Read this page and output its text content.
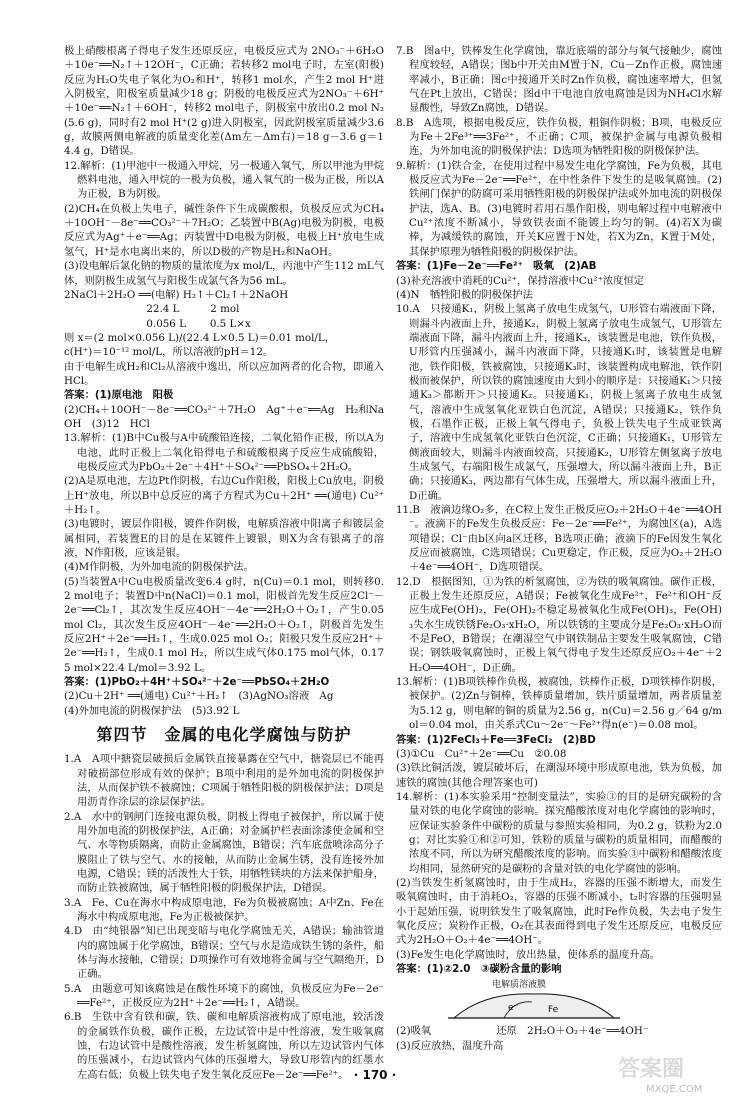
极上硝酸根离子得电子发生还原反应，电极反应式为 2NO₃⁻＋6H₂O＋10e⁻══N₂↑＋12OH⁻，C正确；若转移2 mol电子时，左室(阳极)反应为H₂O失电子氧化为O₂和H⁺，转移1 mol水，产生2 mol H⁺进入阴极室，阳极室质量减少18 g；阴极的电极反应式为2NO₃⁻＋6H⁺＋10e⁻══N₂↑＋6OH⁻，转移2 mol电子，阴极室中放出0.2 mol N₂(5.6 g)，同时有2 mol H⁺(2 g)进入阴极室，因此阴极室质量减少3.6 g，故膜两侧电解液的质量变化差(Δm左－Δm右)＝18 g－3.6 g＝14.4 g，D错误。

12.解析：(1)甲池中一极通入甲烷，另一极通入氧气，所以甲池为甲烷燃料电池，通入甲烷的一极为负极，通入氧气的一极为正极，所以A为正极，B为阴极。

(2)CH₄在负极上失电子，碱性条件下生成碳酸根，负极反应式为CH₄＋10OH⁻－8e⁻══CO₃²⁻＋7H₂O；乙装置中B(Ag)电极为阴极，电极反应式为Ag⁺＋e⁻══Ag；丙装置中D电极为阴极，电极上H⁺放电生成氢气，H⁺是水电离出来的，所以D极的产物是H₂和NaOH。

(3)设电解后氯化钠的物质的量浓度为x mol/L，丙池中产生112 mL气体，则阴极生成氢气与阳极生成氯气各为56 mL。

2NaCl＋2H₂O ══(电解) H₂↑＋Cl₂↑＋2NaOH

　　　　　　　　22.4 L　　　2 mol

　　　　　　　　0.056 L　　 0.5 L×x

则 x＝(2 mol×0.056 L)/(22.4 L×0.5 L)＝0.01 mol/L，

c(H⁺)＝10⁻¹² mol/L，所以溶液的pH＝12。

由于电解生成H₂和Cl₂从溶液中逸出，所以应加两者的化合物，即通入HCl。

答案：(1)原电池　阳极

(2)CH₄＋10OH⁻－8e⁻══CO₃²⁻＋7H₂O　Ag⁺＋e⁻══Ag　H₂和NaOH　(3)12　HCl

13.解析：(1)B中Cu极与A中硫酸铅连接，二氧化铅作正极，所以A为电池，此时正极上二氧化铅得电子和硫酸根离子反应生成硫酸铅，电极反应式为PbO₂＋2e⁻＋4H⁺＋SO₄²⁻══PbSO₄＋2H₂O。

(2)A是原电池，左边Pt作阴极，右边Cu作阳极，阳极上Cu放电，阴极上H⁺放电，所以B中总反应的离子方程式为Cu＋2H⁺ ══(通电) Cu²⁺＋H₂↑。

(3)电镀时，镀层作阳极，镀件作阴极，电解质溶液中阳离子和镀层金属相同，若装置E的目的是在某镀件上镀银，则X为含有银离子的溶液，N作阳极，应该是银。

(4)M作阴极，为外加电流的阴极保护法。

(5)当装置A中Cu电极质量改变6.4 g时，n(Cu)＝0.1 mol，则转移0.2 mol电子；装置D中n(NaCl)＝0.1 mol，阳极首先发生反应2Cl⁻－2e⁻══Cl₂↑，其次发生反应4OH⁻－4e⁻══2H₂O＋O₂↑，产生0.05 mol Cl₂，其次发生反应4OH⁻－4e⁻══2H₂O＋O₂↑，阴极首先发生反应2H⁺＋2e⁻══H₂↑，生成0.025 mol O₂；阳极只发生反应2H⁺＋2e⁻══H₂↑，生成0.1 mol H₂，所以生成气体0.175 mol气体，0.175 mol×22.4 L/mol＝3.92 L。

答案：(1)PbO₂＋4H⁺＋SO₄²⁻＋2e⁻══PbSO₄＋2H₂O

(2)Cu＋2H⁺ ══(通电) Cu²⁺＋H₂↑　(3)AgNO₃溶液　Ag

(4)外加电流的阴极保护法　(5)3.92 L

第四节　金属的电化学腐蚀与防护

1.A　A项中搪瓷层破损后金属铁直接暴露在空气中，搪瓷层已不能再对破损部位形成有效的保护；B项中利用的是外加电流的阴极保护法，从而保护铁不被腐蚀；C项属于牺牲阳极的阴极保护法；D项是用沥青作涂层的涂层保护法。

2.A　水中的钢闸门连接电源负极，阴极上得电子被保护，所以属于使用外加电流的阴极保护法，A正确；对金属护栏表面涂漆使金属和空气、水等物质隔离，而防止金属腐蚀，B错误；汽车底盘喷涂高分子膜阻止了铁与空气、水的接触，从而防止金属生锈，没有连接外加电源，C错误；镁的活泼性大于铁，用牺牲镁块的方法来保护船身，而防止铁被腐蚀，属于牺牲阳极的阴极保护法，D错误。

3.A　Fe、Cu在海水中构成原电池，Fe为负极被腐蚀；A中Zn、Fe在海水中构成原电池，Fe为正极被保护。

4.D　由“纯银器”知已出现变暗与电化学腐蚀无关，A错误；输油管道内的腐蚀属于化学腐蚀，B错误；空气与水是造成铁生锈的条件，船体与海水接触，C错误；D项操作可有效地将金属与空气隔绝开，D正确。

5.A　由题意可知该腐蚀是在酸性环境下的腐蚀，负极反应为Fe－2e⁻══Fe²⁺，正极反应为2H⁺＋2e⁻══H₂↑，A错误。

6.B　生铁中含有铁和碳，铁、碳和电解质溶液构成了原电池，较活泼的金属铁作负极，碳作正极，左边试管中是中性溶液，发生吸氧腐蚀，右边试管中是酸性溶液，发生析氢腐蚀，所以左边试管内气体的压强减小，右边试管内气体的压强增大，导致U形管内的红墨水左高右低；负极上铁失电子发生氧化反应Fe－2e⁻══Fe²⁺。

7.B　图a中，铁棒发生化学腐蚀，靠近底端的部分与氧气接触少，腐蚀程度较轻，A错误；图b中开关由M置于N，Cu－Zn作正极，腐蚀速率减小，B正确；图c中接通开关时Zn作负极，腐蚀速率增大，但氢气在Pt上放出，C错误；图d中干电池自放电腐蚀是因为NH₄Cl水解显酸性，导致Zn腐蚀，D错误。

8.B　A选项，根据电极反应，铁作负极，粗铜作阴极；B项，电极反应为Fe＋2Fe³⁺══3Fe²⁺，不正确；C项，被保护金属与电源负极相连，为外加电流的阴极保护法；D选项为牺牲阳极的阴极保护法。

9.解析：(1)铁合金，在使用过程中易发生电化学腐蚀，Fe为负极，其电极反应式为Fe－2e⁻══Fe²⁺，在中性条件下发生的是吸氧腐蚀。(2)铁闸门保护的防腐可采用牺牲阳极的阴极保护法或外加电流的阴极保护法，选A、B。(3)电镀时若用石墨作阳极，则电解过程中电解液中Cu²⁺浓度不断减小，导致铁表面不能镀上均匀的铜。(4)若X为碳棒，为减缓铁的腐蚀，开关K应置于N处，若X为Zn，K置于M处，其保护原理为牺牲阳极的阴极保护法。

答案：(1)Fe－2e⁻══Fe²⁺　吸氧　(2)AB

(3)补充溶液中消耗的Cu²⁺，保持溶液中Cu²⁺浓度恒定

(4)N　牺牲阳极的阴极保护法

10.A　只接通K₁，阴极上氢离子放电生成氢气，U形管右端液面下降，则漏斗内液面上升，接通K₂，阴极上氢离子放电生成氢气，U形管左端液面下降，漏斗内液面上升，接通K₃，该装置是电池，铁作负极，U形管内压强减小，漏斗内液面下降，只接通K₁时，该装置是电解池，铁作阳极，铁被腐蚀，只接通K₃时，该装置构成电解池，铁作阴极而被保护，所以铁的腐蚀速度由大到小的顺序是：只接通K₁＞只接通K₃＞都断开＞只接通K₂。只接通K₁，阴极上氢离子放电生成氢气，溶液中生成氢氧化亚铁白色沉淀，A错误；只接通K₂，铁作负极，石墨作正极，正极上氧气得电子，负极上铁失电子生成亚铁离子，溶液中生成氢氧化亚铁白色沉淀，C正确；只接通K₁，U形管左侧液面较大，则漏斗内液面较高，只接通K₂，U形管左侧氢离子放电生成氢气，右端阳极生成氯气，压强增大，所以漏斗液面上升，B正确；只接通K₃，两边都有气体生成，压强增大，所以漏斗液面上升，D正确。

11.B　液滴边缘O₂多，在C粒上发生正极反应O₂＋2H₂O＋4e⁻══4OH⁻。液滴下的Fe发生负极反应：Fe－2e⁻══Fe²⁺，为腐蚀区(a)，A选项错误；Cl⁻由b区向a区迁移，B选项正确；液滴下的Fe因发生氧化反应而被腐蚀，C选项错误；Cu更稳定，作正极，反应为O₂＋2H₂O＋4e⁻══4OH⁻，D选项错误。

12.D　根据图知，①为铁的析氢腐蚀，②为铁的吸氧腐蚀。碳作正极，正极上发生还原反应，A错误；Fe被氧化生成Fe²⁺，Fe²⁺和OH⁻反应生成Fe(OH)₂，Fe(OH)₂不稳定易被氧化生成Fe(OH)₃，Fe(OH)₃失水生成铁锈Fe₂O₃·xH₂O，所以铁锈的主要成分是Fe₂O₃·xH₂O而不是FeO，B错误；在潮湿空气中钢铁制品主要发生吸氧腐蚀，C错误；钢铁吸氧腐蚀时，正极上氧气得电子发生还原反应O₂＋4e⁻＋2H₂O══4OH⁻，D正确。

13.解析：(1)B项铁棒作负极，被腐蚀，铁棒作正极，D项铁棒作阴极，被保护。(2)Zn与铜棒，铁棒质量增加，铁片质量增加，两者质量差为5.12 g，则电解的铜的质量为2.56 g，n(Cu)＝2.56 g／64 g/mol＝0.04 mol，由关系式Cu～2e⁻～Fe²⁺得n(e⁻)＝0.08 mol。

答案：(1)2FeCl₃＋Fe══3FeCl₂　(2)BD

(3)①Cu　Cu²⁺＋2e⁻══Cu　②0.08

(3)铁比铜活泼，镀层破坏后，在潮湿环境中形成原电池，铁为负极，加速铁的腐蚀(其他合理答案也可)

14.解析：(1)本实验采用“控制变量法”，实验③的目的是研究碳粉的含量对铁的电化学腐蚀的影响。探究醋酸浓度对电化学腐蚀的影响时，应保证实验条件中碳粉的质量与参照实验相同，为0.2 g，铁粉为2.0 g；对比实验①和②可知，铁粉的质量与碳粉的质量相同，而醋酸的浓度不同，所以为研究醋酸浓度的影响。而实验③中碳粉和醋酸浓度均相同，显然研究的是碳粉的含量对铁的电化学腐蚀的影响。

(2)当铁发生析氢腐蚀时，由于生成H₂，容器的压强不断增大，而发生吸氧腐蚀时，由于消耗O₂，容器的压强不断减小，t₂时容器的压强明显小于起始压强，说明铁发生了吸氧腐蚀，此时Fe作负极，失去电子发生氧化反应；炭粉作正极，O₂在其表面得到电子发生还原反应，电极反应式为2H₂O＋O₂＋4e⁻══4OH⁻。

(3)Fe发生电化学腐蚀时，放出热量，使体系的温度升高。

答案：(1)②2.0　③碳粉含量的影响

电解质溶液膜
e⁻	Fe

(2)吸氧　　　　　　	还原　2H₂O＋O₂＋4e⁻══4OH⁻

(3)反应放热，温度升高

· 170 ·	答案圈
MXQE.COM
